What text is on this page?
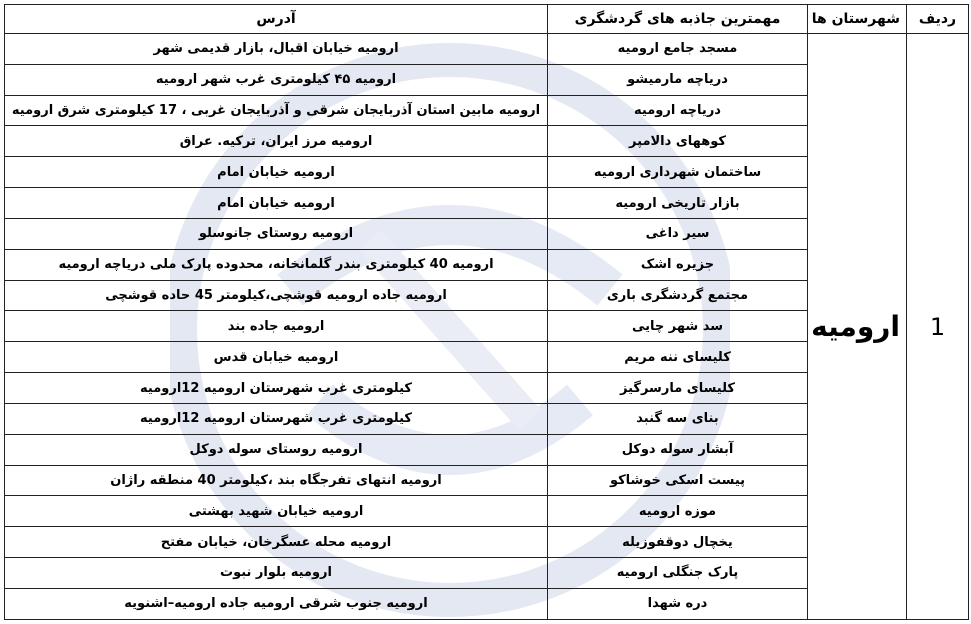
ردیف	شهرستان ها	مهمترین جاذبه های گردشگری	آدرس
1	ارومیه	مسجد جامع ارومیه	ارومیه خیابان اقبال، بازار قدیمی شهر
		دریاچه مارمیشو	ارومیه ۴۵ کیلومتری غرب شهر ارومیه
		دریاچه ارومیه	ارومیه مابین استان آذربایجان شرقی و آذربایجان غربی ، 17 کیلومتری شرق ارومیه
		کوههای دالامپر	ارومیه مرز ایران، ترکیه. عراق
		ساختمان شهرداری ارومیه	ارومیه خیابان امام
		بازار تاریخی ارومیه	ارومیه خیابان امام
		سیر داغی	ارومیه روستای جانوسلو
		جزیره اشک	ارومیه 40 کیلومتری بندر گلمانخانه، محدوده پارک ملی دریاچه ارومیه
		مجتمع گردشگری باری	ارومیه جاده ارومیه قوشچی،کیلومتر 45 حاده قوشچی
		سد شهر چایی	ارومیه جاده بند
		کلیسای ننه مریم	ارومیه خیابان قدس
		کلیسای مارسرگیز	کیلومتری غرب شهرستان ارومیه 12ارومیه
		بنای سه گنبد	کیلومتری غرب شهرستان ارومیه 12ارومیه
		آبشار سوله دوکل	ارومیه روستای سوله دوکل
		پیست اسکی خوشاکو	ارومیه انتهای تفرجگاه بند ،کیلومتر 40 منطقه راژان
		موزه ارومیه	ارومیه خیابان شهید بهشتی
		یخچال دوقفوزیله	ارومیه محله عسگرخان، خیابان مفتح
		پارک جنگلی ارومیه	ارومیه بلوار نبوت
		دره شهدا	ارومیه جنوب شرقی ارومیه جاده ارومیه–اشنویه
